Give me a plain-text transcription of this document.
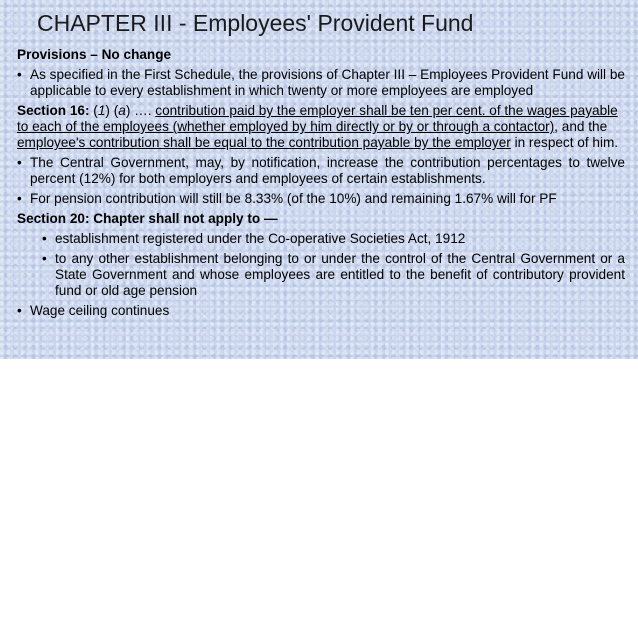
CHAPTER III - Employees' Provident Fund

Provisions – No change

• As specified in the First Schedule, the provisions of Chapter III – Employees Provident Fund will be applicable to every establishment in which twenty or more employees are employed
Section 16: (1) (a) …. contribution paid by the employer shall be ten per cent. of the wages payable to each of the employees (whether employed by him directly or by or through a contactor), and the employee's contribution shall be equal to the contribution payable by the employer in respect of him.
• The Central Government, may, by notification, increase the contribution percentages to twelve percent (12%) for both employers and employees of certain establishments.
• For pension contribution will still be 8.33% (of the 10%) and remaining 1.67% will for PF

Section 20: Chapter shall not apply to —

• establishment registered under the Co-operative Societies Act, 1912
• to any other establishment belonging to or under the control of the Central Government or a State Government and whose employees are entitled to the benefit of contributory provident fund or old age pension
• Wage ceiling continues
